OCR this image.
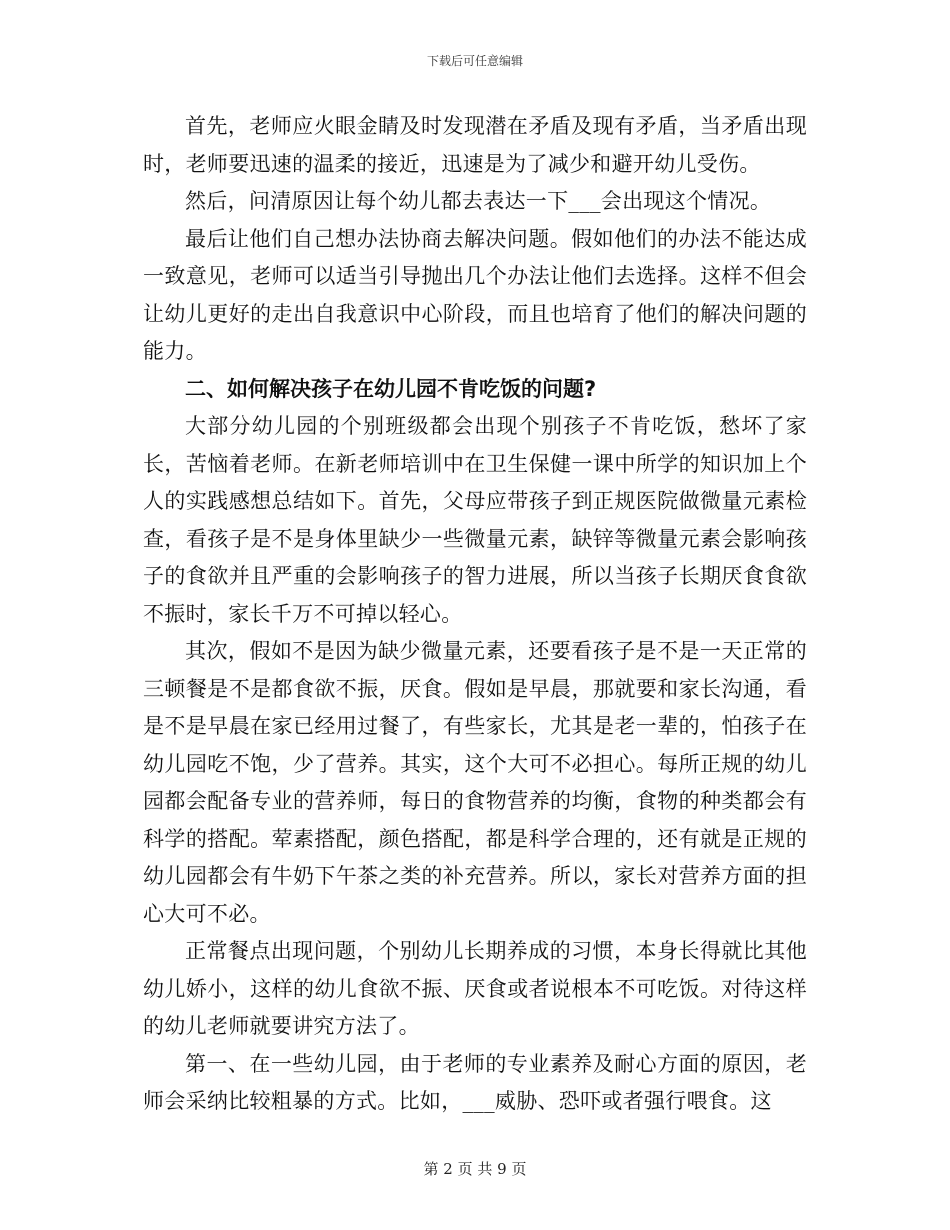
下载后可任意编辑

首先，老师应火眼金睛及时发现潜在矛盾及现有矛盾，当矛盾出现时，老师要迅速的温柔的接近，迅速是为了减少和避开幼儿受伤。

然后，问清原因让每个幼儿都去表达一下___会出现这个情况。

最后让他们自己想办法协商去解决问题。假如他们的办法不能达成一致意见，老师可以适当引导抛出几个办法让他们去选择。这样不但会让幼儿更好的走出自我意识中心阶段，而且也培育了他们的解决问题的能力。

二、如何解决孩子在幼儿园不肯吃饭的问题?

大部分幼儿园的个别班级都会出现个别孩子不肯吃饭，愁坏了家长，苦恼着老师。在新老师培训中在卫生保健一课中所学的知识加上个人的实践感想总结如下。首先，父母应带孩子到正规医院做微量元素检查，看孩子是不是身体里缺少一些微量元素，缺锌等微量元素会影响孩子的食欲并且严重的会影响孩子的智力进展，所以当孩子长期厌食食欲不振时，家长千万不可掉以轻心。

其次，假如不是因为缺少微量元素，还要看孩子是不是一天正常的三顿餐是不是都食欲不振，厌食。假如是早晨，那就要和家长沟通，看是不是早晨在家已经用过餐了，有些家长，尤其是老一辈的，怕孩子在幼儿园吃不饱，少了营养。其实，这个大可不必担心。每所正规的幼儿园都会配备专业的营养师，每日的食物营养的均衡，食物的种类都会有科学的搭配。荤素搭配，颜色搭配，都是科学合理的，还有就是正规的幼儿园都会有牛奶下午茶之类的补充营养。所以，家长对营养方面的担心大可不必。

正常餐点出现问题，个别幼儿长期养成的习惯，本身长得就比其他幼儿娇小，这样的幼儿食欲不振、厌食或者说根本不可吃饭。对待这样的幼儿老师就要讲究方法了。

第一、在一些幼儿园，由于老师的专业素养及耐心方面的原因，老师会采纳比较粗暴的方式。比如，___威胁、恐吓或者强行喂食。这

第 2 页 共 9 页
